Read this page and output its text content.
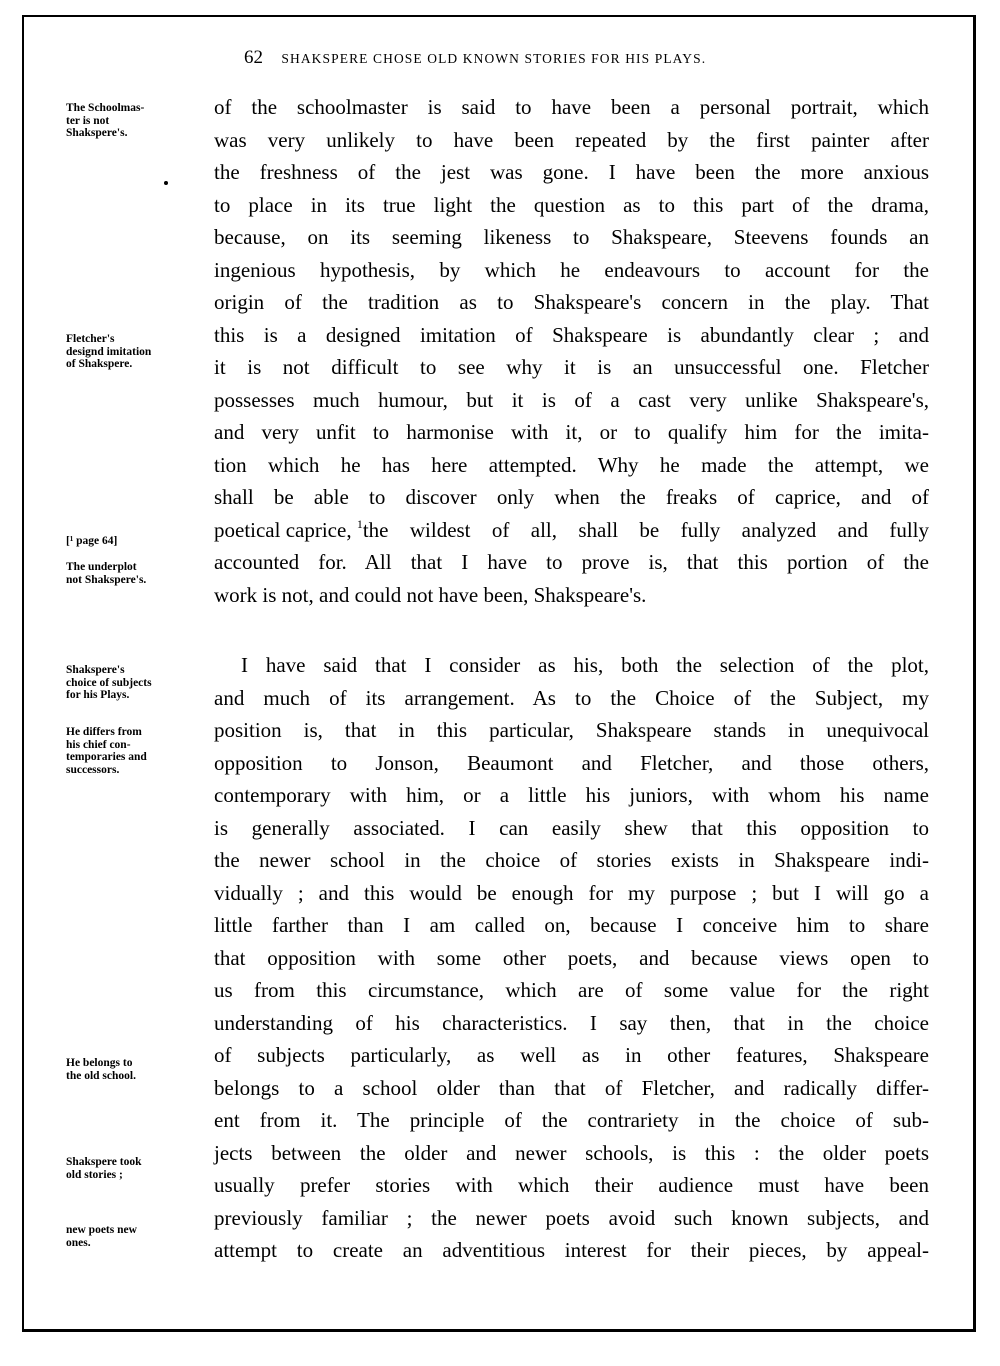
62 SHAKSPERE CHOSE OLD KNOWN STORIES FOR HIS PLAYS.
The Schoolmas-
ter is not
Shakspere's.
Fletcher's
designd imitation
of Shakspere.
[¹ page 64]
The underplot
not Shakspere's.
Shakspere's
choice of subjects
for his Plays.
He differs from
his chief con-
temporaries and
successors.
He belongs to
the old school.
Shakspere took
old stories ;
new poets new
ones.
of the schoolmaster is said to have been a personal portrait, which
was very unlikely to have been repeated by the first painter after
the freshness of the jest was gone. I have been the more anxious
to place in its true light the question as to this part of the drama,
because, on its seeming likeness to Shakspeare, Steevens founds an
ingenious hypothesis, by which he endeavours to account for the
origin of the tradition as to Shakspeare's concern in the play. That
this is a designed imitation of Shakspeare is abundantly clear ; and
it is not difficult to see why it is an unsuccessful one. Fletcher
possesses much humour, but it is of a cast very unlike Shakspeare's,
and very unfit to harmonise with it, or to qualify him for the imita-
tion which he has here attempted. Why he made the attempt, we
shall be able to discover only when the freaks of caprice, and of
poetical caprice, $^1$ the wildest of all, shall be fully analyzed and fully
accounted for. All that I have to prove is, that this portion of the
work is not, and could not have been, Shakspeare's.
I have said that I consider as his, both the selection of the plot,
and much of its arrangement. As to the Choice of the Subject, my
position is, that in this particular, Shakspeare stands in unequivocal
opposition to Jonson, Beaumont and Fletcher, and those others,
contemporary with him, or a little his juniors, with whom his name
is generally associated. I can easily shew that this opposition to
the newer school in the choice of stories exists in Shakspeare indi-
vidually ; and this would be enough for my purpose ; but I will go a
little farther than I am called on, because I conceive him to share
that opposition with some other poets, and because views open to
us from this circumstance, which are of some value for the right
understanding of his characteristics. I say then, that in the choice
of subjects particularly, as well as in other features, Shakspeare
belongs to a school older than that of Fletcher, and radically differ-
ent from it. The principle of the contrariety in the choice of sub-
jects between the older and newer schools, is this : the older poets
usually prefer stories with which their audience must have been
previously familiar ; the newer poets avoid such known subjects, and
attempt to create an adventitious interest for their pieces, by appeal-
